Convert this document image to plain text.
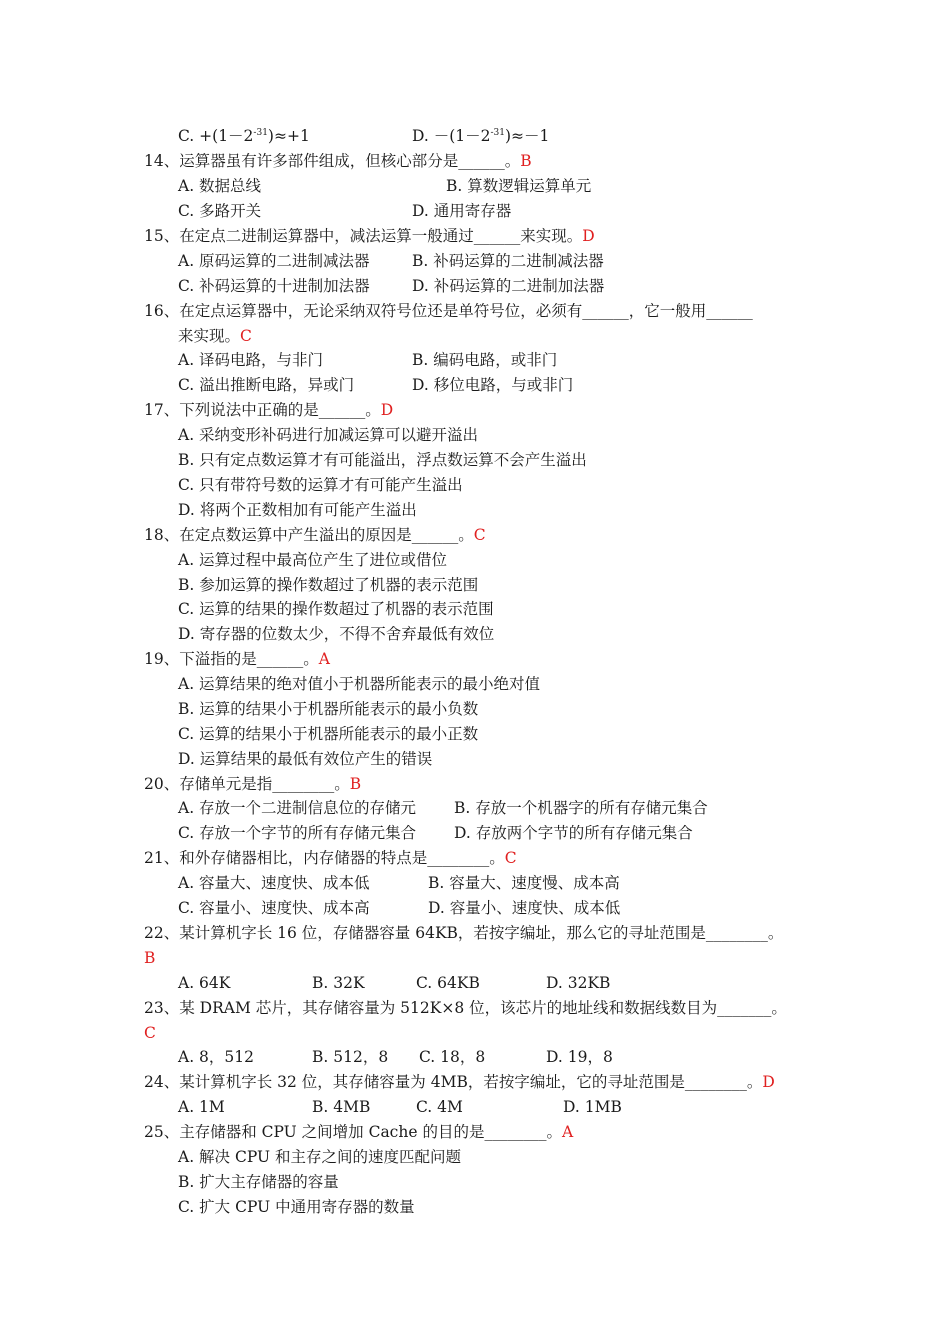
C. $+(1-2^{-31})\approx+1$	D. $-(1-2^{-31})\approx-1$
14、运算器虽有许多部件组成，但核心部分是______。B
A. 数据总线	B. 算数逻辑运算单元
C. 多路开关	D. 通用寄存器
15、在定点二进制运算器中，减法运算一般通过______来实现。D
A. 原码运算的二进制减法器	B. 补码运算的二进制减法器
C. 补码运算的十进制加法器	D. 补码运算的二进制加法器
16、在定点运算器中，无论采纳双符号位还是单符号位，必须有______，它一般用______
来实现。C
A. 译码电路，与非门	B. 编码电路，或非门
C. 溢出推断电路，异或门	D. 移位电路，与或非门
17、下列说法中正确的是______。D
A. 采纳变形补码进行加减运算可以避开溢出
B. 只有定点数运算才有可能溢出，浮点数运算不会产生溢出
C. 只有带符号数的运算才有可能产生溢出
D. 将两个正数相加有可能产生溢出
18、在定点数运算中产生溢出的原因是______。C
A. 运算过程中最高位产生了进位或借位
B. 参加运算的操作数超过了机器的表示范围
C. 运算的结果的操作数超过了机器的表示范围
D. 寄存器的位数太少，不得不舍弃最低有效位
19、下溢指的是______。A
A. 运算结果的绝对值小于机器所能表示的最小绝对值
B. 运算的结果小于机器所能表示的最小负数
C. 运算的结果小于机器所能表示的最小正数
D. 运算结果的最低有效位产生的错误
20、存储单元是指________。B
A. 存放一个二进制信息位的存储元 B. 存放一个机器字的所有存储元集合
C. 存放一个字节的所有存储元集合 D. 存放两个字节的所有存储元集合
21、和外存储器相比，内存储器的特点是________。C
A. 容量大、速度快、成本低	B. 容量大、速度慢、成本高
C. 容量小、速度快、成本高	D. 容量小、速度快、成本低
22、某计算机字长 16 位，存储器容量 64KB，若按字编址，那么它的寻址范围是________。
B
A. 64K	B. 32K	C. 64KB	D. 32KB
23、某 DRAM 芯片，其存储容量为 512K×8 位，该芯片的地址线和数据线数目为_______。
C
A. 8，512	B. 512，8 C. 18，8	D. 19，8
24、某计算机字长 32 位，其存储容量为 4MB，若按字编址，它的寻址范围是________。D
A. 1M	B. 4MB	C. 4M	D. 1MB
25、主存储器和 CPU 之间增加 Cache 的目的是________。A
A. 解决 CPU 和主存之间的速度匹配问题
B. 扩大主存储器的容量
C. 扩大 CPU 中通用寄存器的数量
